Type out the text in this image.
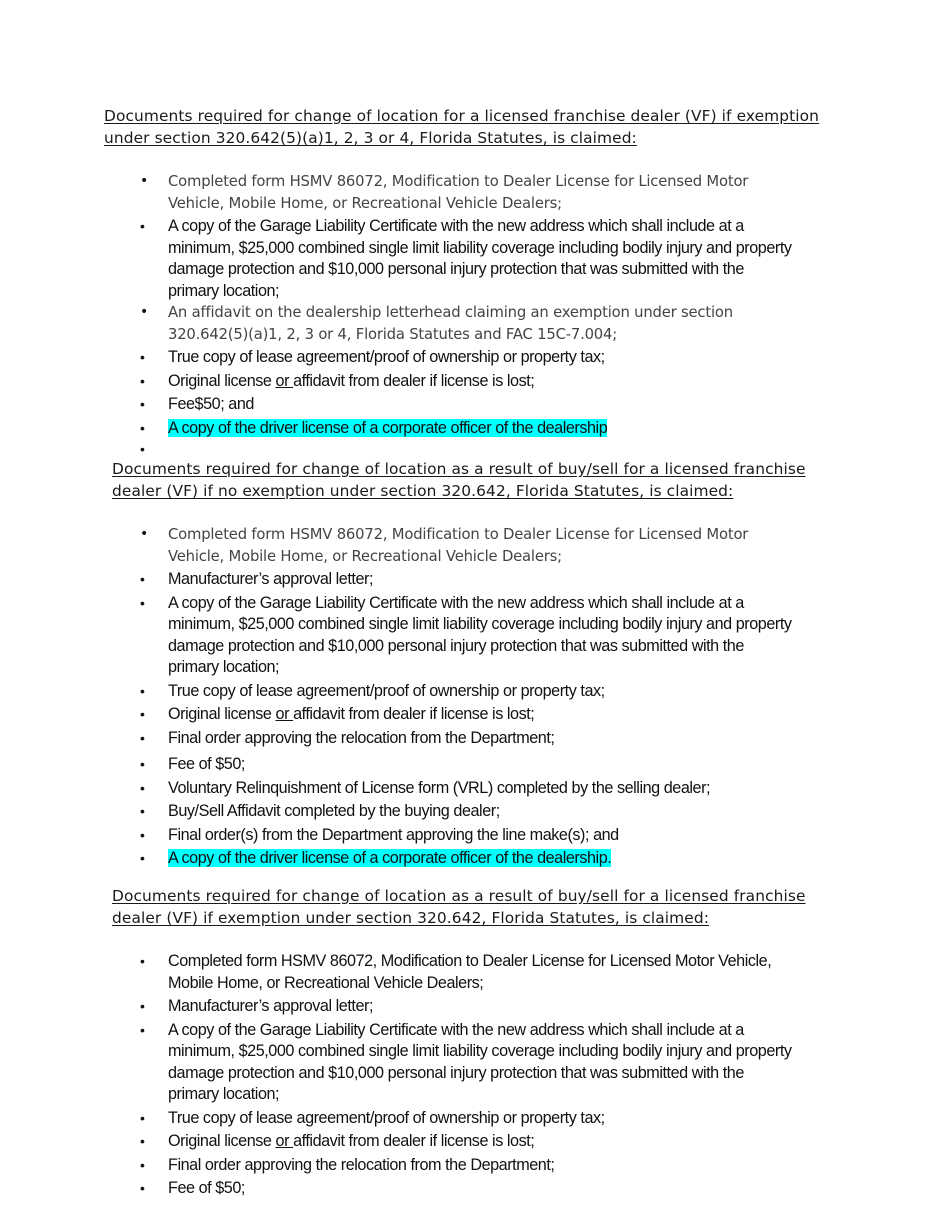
Documents required for change of location for a licensed franchise dealer (VF) if exemption under section 320.642(5)(a)1, 2, 3 or 4, Florida Statutes, is claimed:

• Completed form HSMV 86072, Modification to Dealer License for Licensed Motor Vehicle, Mobile Home, or Recreational Vehicle Dealers;
• A copy of the Garage Liability Certificate with the new address which shall include at a minimum, $25,000 combined single limit liability coverage including bodily injury and property damage protection and $10,000 personal injury protection that was submitted with the primary location;
• An affidavit on the dealership letterhead claiming an exemption under section 320.642(5)(a)1, 2, 3 or 4, Florida Statutes and FAC 15C-7.004;
• True copy of lease agreement/proof of ownership or property tax;
• Original license or affidavit from dealer if license is lost;
• Fee$50; and
• A copy of the driver license of a corporate officer of the dealership
•

Documents required for change of location as a result of buy/sell for a licensed franchise dealer (VF) if no exemption under section 320.642, Florida Statutes, is claimed:

• Completed form HSMV 86072, Modification to Dealer License for Licensed Motor Vehicle, Mobile Home, or Recreational Vehicle Dealers;
• Manufacturer’s approval letter;
• A copy of the Garage Liability Certificate with the new address which shall include at a minimum, $25,000 combined single limit liability coverage including bodily injury and property damage protection and $10,000 personal injury protection that was submitted with the primary location;
• True copy of lease agreement/proof of ownership or property tax;
• Original license or affidavit from dealer if license is lost;
• Final order approving the relocation from the Department;
• Fee of $50;
• Voluntary Relinquishment of License form (VRL) completed by the selling dealer;
• Buy/Sell Affidavit completed by the buying dealer;
• Final order(s) from the Department approving the line make(s); and
• A copy of the driver license of a corporate officer of the dealership.

Documents required for change of location as a result of buy/sell for a licensed franchise dealer (VF) if exemption under section 320.642, Florida Statutes, is claimed:

• Completed form HSMV 86072, Modification to Dealer License for Licensed Motor Vehicle, Mobile Home, or Recreational Vehicle Dealers;
• Manufacturer’s approval letter;
• A copy of the Garage Liability Certificate with the new address which shall include at a minimum, $25,000 combined single limit liability coverage including bodily injury and property damage protection and $10,000 personal injury protection that was submitted with the primary location;
• True copy of lease agreement/proof of ownership or property tax;
• Original license or affidavit from dealer if license is lost;
• Final order approving the relocation from the Department;
• Fee of $50;
